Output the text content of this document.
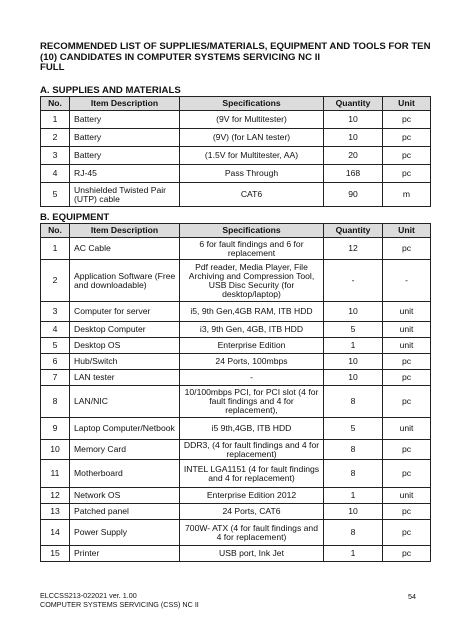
RECOMMENDED LIST OF SUPPLIES/MATERIALS, EQUIPMENT AND TOOLS FOR TEN (10) CANDIDATES IN COMPUTER SYSTEMS SERVICING NC II
FULL
A. SUPPLIES AND MATERIALS
No.	Item Description	Specifications	Quantity	Unit
1	Battery	(9V for Multitester)	10	pc
2	Battery	(9V) (for LAN tester)	10	pc
3	Battery	(1.5V for Multitester, AA)	20	pc
4	RJ-45	Pass Through	168	pc
5	Unshielded Twisted Pair (UTP) cable	CAT6	90	m
B. EQUIPMENT
No.	Item Description	Specifications	Quantity	Unit
1	AC Cable	6 for fault findings and 6 for replacement	12	pc
2	Application Software (Free and downloadable)	Pdf reader, Media Player, File Archiving and Compression Tool, USB Disc Security (for desktop/laptop)	-	-
3	Computer for server	i5, 9th Gen,4GB RAM, ITB HDD	10	unit
4	Desktop Computer	i3, 9th Gen, 4GB, ITB HDD	5	unit
5	Desktop OS	Enterprise Edition	1	unit
6	Hub/Switch	24 Ports, 100mbps	10	pc
7	LAN tester	-	10	pc
8	LAN/NIC	10/100mbps PCI, for PCI slot (4 for fault findings and 4 for replacement),	8	pc
9	Laptop Computer/Netbook	i5 9th,4GB, ITB HDD	5	unit
10	Memory Card	DDR3, (4 for fault findings and 4 for replacement)	8	pc
11	Motherboard	INTEL LGA1151 (4 for fault findings and 4 for replacement)	8	pc
12	Network OS	Enterprise Edition 2012	1	unit
13	Patched panel	24 Ports, CAT6	10	pc
14	Power Supply	700W- ATX (4 for fault findings and 4 for replacement)	8	pc
15	Printer	USB port, Ink Jet	1	pc
ELCCSS213-022021 ver. 1.00	54
COMPUTER SYSTEMS SERVICING (CSS) NC II
